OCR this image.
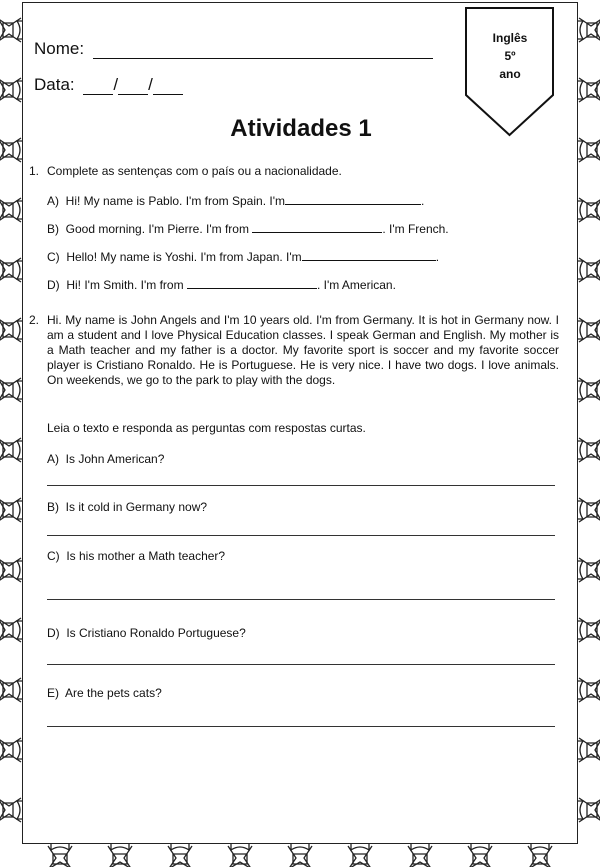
Nome:
Data: / /
Inglês
5º
ano
Atividades 1
1. Complete as sentenças com o país ou a nacionalidade.
A) Hi! My name is Pablo. I'm from Spain. I'm	.
B) Good morning. I'm Pierre. I'm from	. I'm French.
C) Hello! My name is Yoshi. I'm from Japan. I'm	.
D) Hi! I'm Smith. I'm from	. I'm American.
2. Hi. My name is John Angels and I'm 10 years old. I'm from Germany. It is hot in Germany now. I am a student and I love Physical Education classes. I speak German and English. My mother is a Math teacher and my father is a doctor. My favorite sport is soccer and my favorite soccer player is Cristiano Ronaldo. He is Portuguese. He is very nice. I have two dogs. I love animals. On weekends, we go to the park to play with the dogs.
Leia o texto e responda as perguntas com respostas curtas.
A) Is John American?
B) Is it cold in Germany now?
C) Is his mother a Math teacher?
D) Is Cristiano Ronaldo Portuguese?
E) Are the pets cats?
